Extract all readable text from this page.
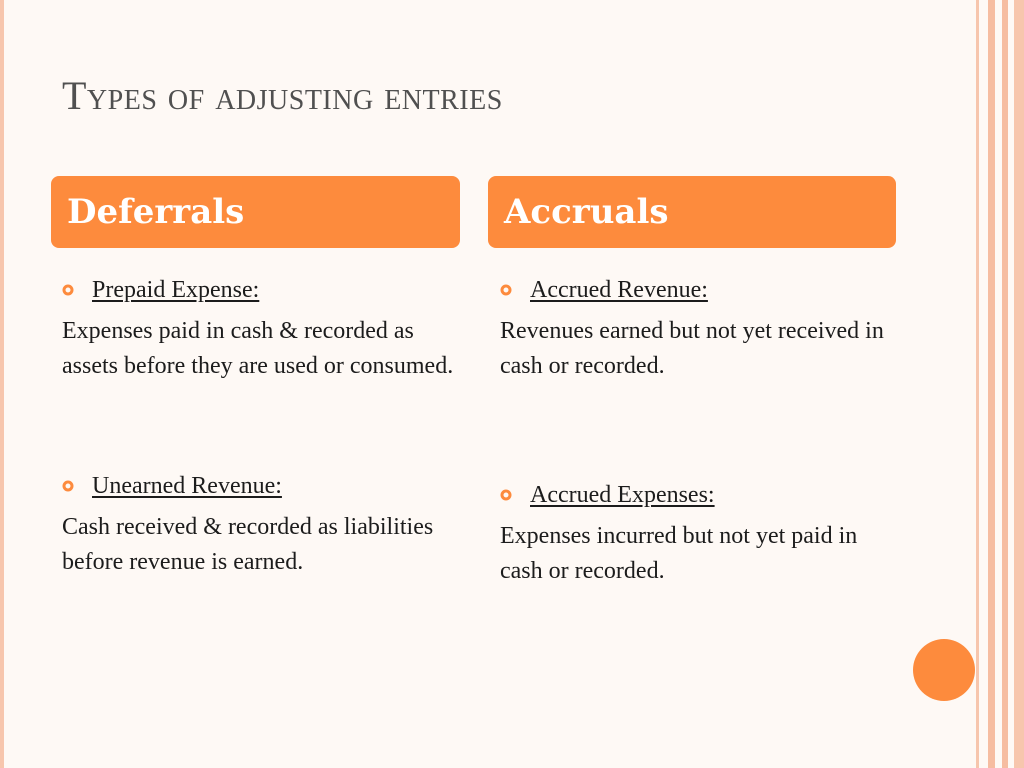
Types of adjusting entries
Deferrals	Accruals
Prepaid Expense:
Expenses paid in cash & recorded as assets before they are used or consumed.
Unearned Revenue:
Cash received & recorded as liabilities before revenue is earned.
Accrued Revenue:
Revenues earned but not yet received in cash or recorded.
Accrued Expenses:
Expenses incurred but not yet paid in cash or recorded.
